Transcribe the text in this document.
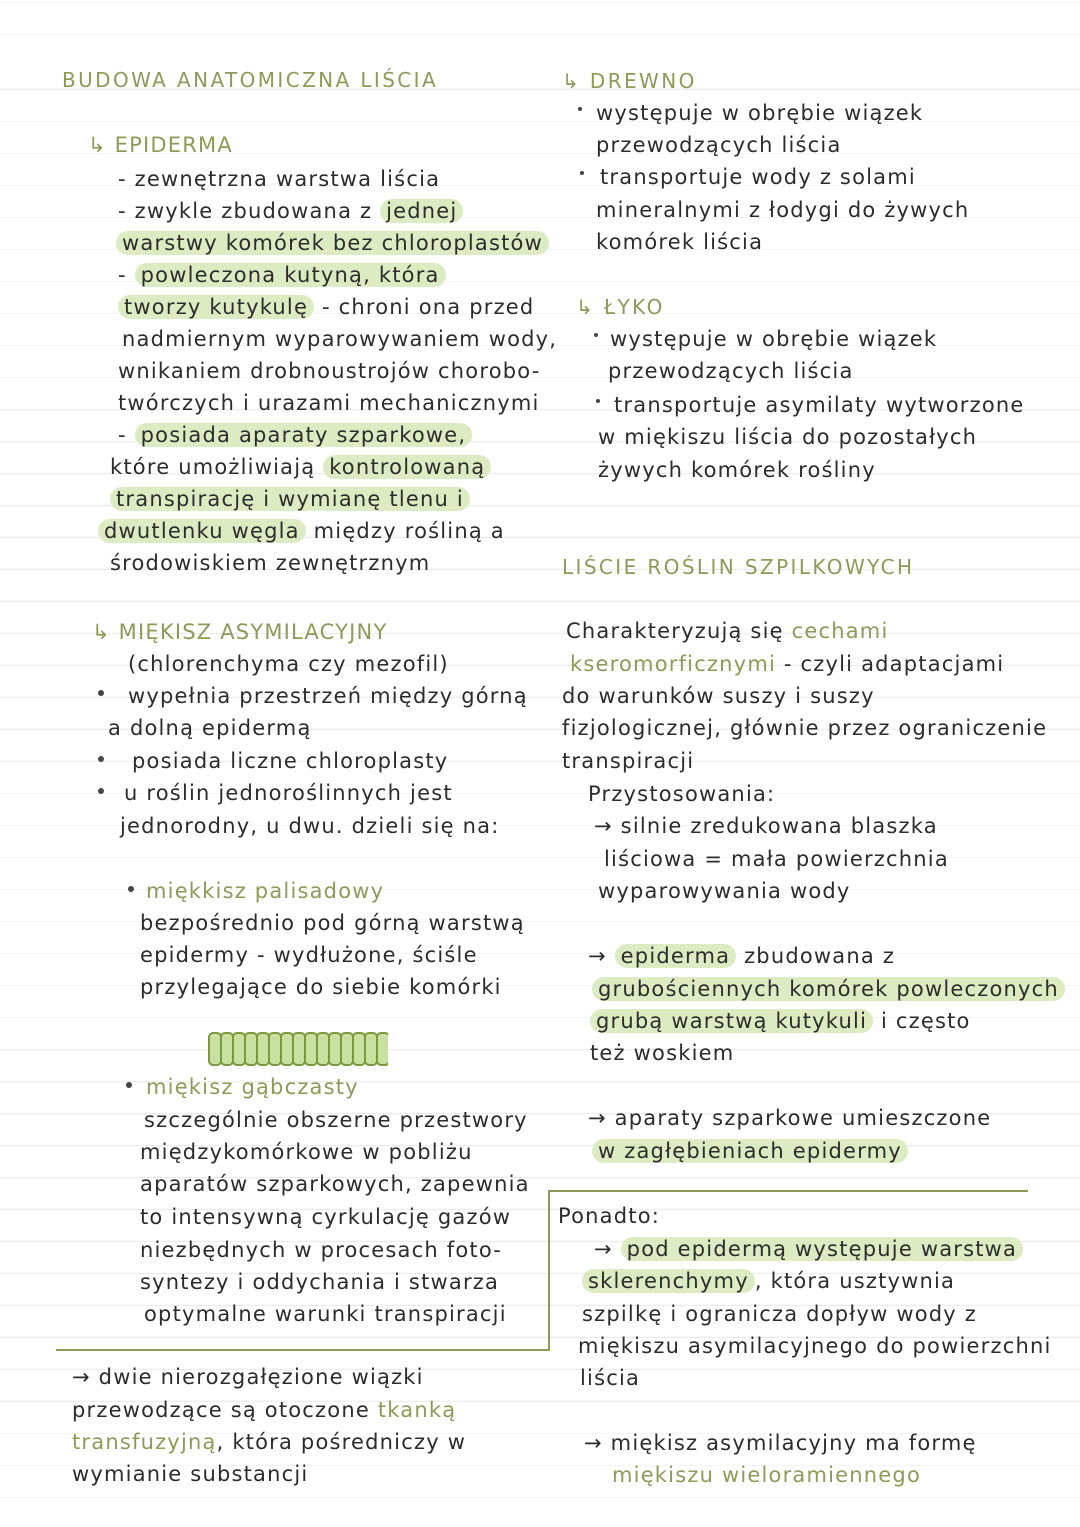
BUDOWA ANATOMICZNA LIŚCIA
↳ EPIDERMA
- zewnętrzna warstwa liścia
- zwykle zbudowana z jednej
warstwy komórek bez chloroplastów
- powleczona kutyną, która
tworzy kutykulę - chroni ona przed
nadmiernym wyparowywaniem wody,
wnikaniem drobnoustrojów chorobo-
twórczych i urazami mechanicznymi
- posiada aparaty szparkowe,
które umożliwiają kontrolowaną
transpirację i wymianę tlenu i
dwutlenku węgla między rośliną a
środowiskiem zewnętrznym
↳ MIĘKISZ ASYMILACYJNY
(chlorenchyma czy mezofil)
wypełnia przestrzeń między górną
a dolną epidermą
posiada liczne chloroplasty
u roślin jednoroślinnych jest
jednorodny, u dwu. dzieli się na:
miękkisz palisadowy
bezpośrednio pod górną warstwą
epidermy - wydłużone, ściśle
przylegające do siebie komórki
miękisz gąbczasty
szczególnie obszerne przestwory
międzykomórkowe w pobliżu
aparatów szparkowych, zapewnia
to intensywną cyrkulację gazów
niezbędnych w procesach foto-
syntezy i oddychania i stwarza
optymalne warunki transpiracji
→ dwie nierozgałęzione wiązki
przewodzące są otoczone tkanką
transfuzyjną, która pośredniczy w
wymianie substancji
↳ DREWNO
występuje w obrębie wiązek
przewodzących liścia
transportuje wody z solami
mineralnymi z łodygi do żywych
komórek liścia
↳ ŁYKO
występuje w obrębie wiązek
przewodzących liścia
transportuje asymilaty wytworzone
w miękiszu liścia do pozostałych
żywych komórek rośliny
LIŚCIE ROŚLIN SZPILKOWYCH
Charakteryzują się cechami
kseromorficznymi - czyli adaptacjami
do warunków suszy i suszy
fizjologicznej, głównie przez ograniczenie
transpiracji
Przystosowania:
→ silnie zredukowana blaszka
liściowa = mała powierzchnia
wyparowywania wody
→ epiderma zbudowana z
grubościennych komórek powleczonych
grubą warstwą kutykuli i często
też woskiem
→ aparaty szparkowe umieszczone
w zagłębieniach epidermy
Ponadto:
→ pod epidermą występuje warstwa
sklerenchymy , która usztywnia
szpilkę i ogranicza dopływ wody z
miękiszu asymilacyjnego do powierzchni
liścia
→ miękisz asymilacyjny ma formę
miękiszu wieloramiennego
